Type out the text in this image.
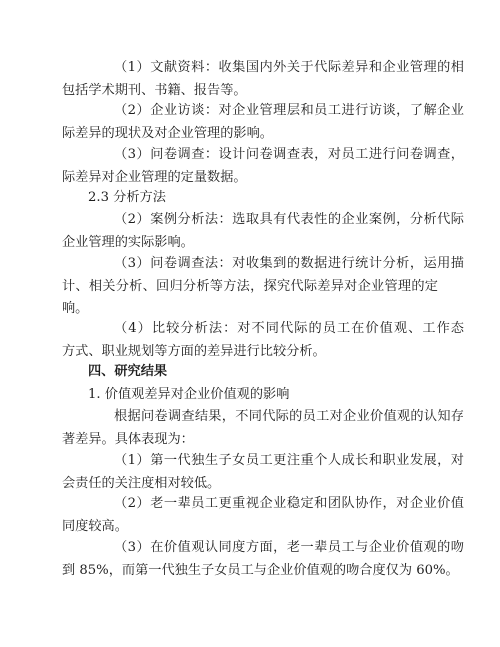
（1）文献资料：收集国内外关于代际差异和企业管理的相
包括学术期刊、书籍、报告等。
（2）企业访谈：对企业管理层和员工进行访谈，了解企业
际差异的现状及对企业管理的影响。
（3）问卷调查：设计问卷调查表，对员工进行问卷调查，
际差异对企业管理的定量数据。
2.3 分析方法
（2）案例分析法：选取具有代表性的企业案例，分析代际
企业管理的实际影响。
（3）问卷调查法：对收集到的数据进行统计分析，运用描
计、相关分析、回归分析等方法，探究代际差异对企业管理的定
响。
（4）比较分析法：对不同代际的员工在价值观、工作态
方式、职业规划等方面的差异进行比较分析。
四、研究结果
1. 价值观差异对企业价值观的影响
根据问卷调查结果，不同代际的员工对企业价值观的认知存
著差异。具体表现为：
（1）第一代独生子女员工更注重个人成长和职业发展，对
会责任的关注度相对较低。
（2）老一辈员工更重视企业稳定和团队协作，对企业价值
同度较高。
（3）在价值观认同度方面，老一辈员工与企业价值观的吻
到 85%，而第一代独生子女员工与企业价值观的吻合度仅为 60%。
